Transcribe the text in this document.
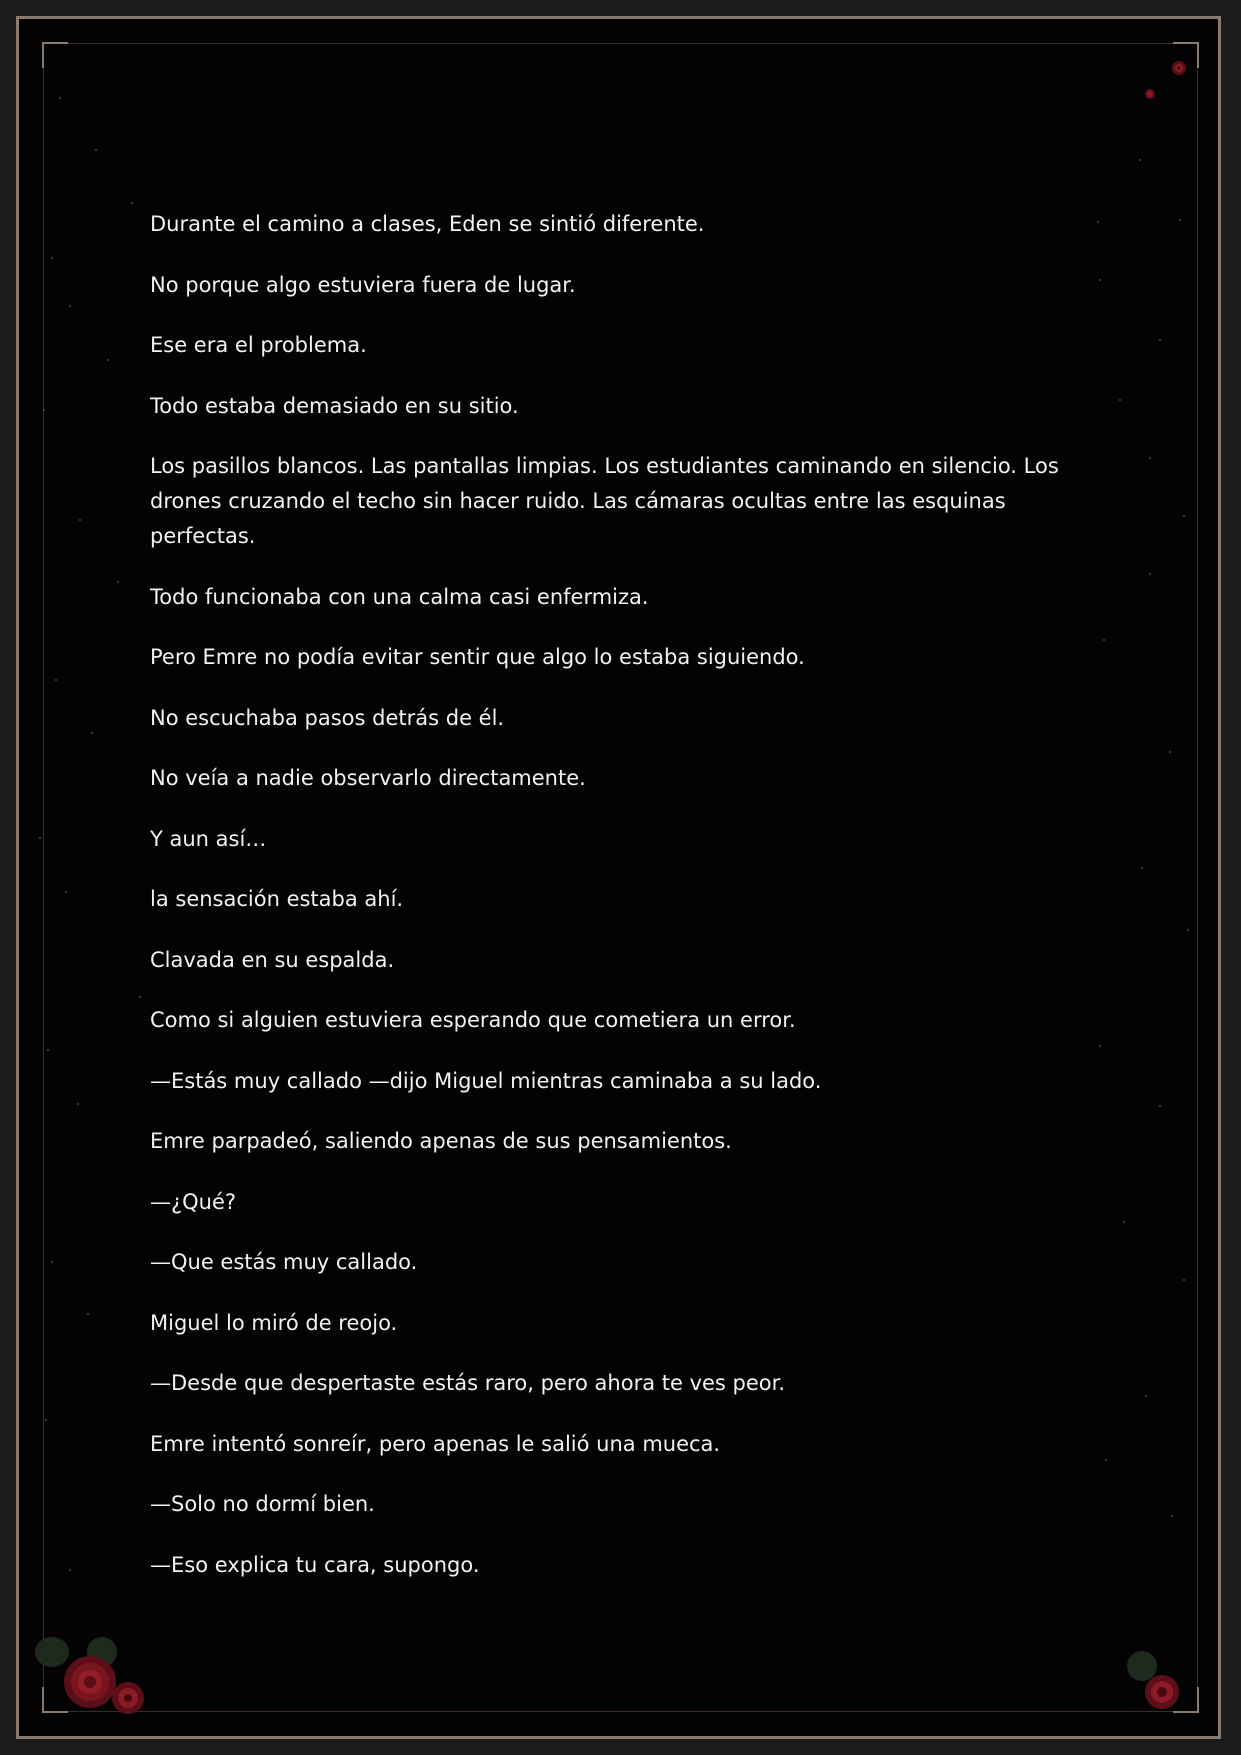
Durante el camino a clases, Eden se sintió diferente.

No porque algo estuviera fuera de lugar.

Ese era el problema.

Todo estaba demasiado en su sitio.

Los pasillos blancos. Las pantallas limpias. Los estudiantes caminando en silencio. Los drones cruzando el techo sin hacer ruido. Las cámaras ocultas entre las esquinas perfectas.

Todo funcionaba con una calma casi enfermiza.

Pero Emre no podía evitar sentir que algo lo estaba siguiendo.

No escuchaba pasos detrás de él.

No veía a nadie observarlo directamente.

Y aun así…

la sensación estaba ahí.

Clavada en su espalda.

Como si alguien estuviera esperando que cometiera un error.

—Estás muy callado —dijo Miguel mientras caminaba a su lado.

Emre parpadeó, saliendo apenas de sus pensamientos.

—¿Qué?

—Que estás muy callado.

Miguel lo miró de reojo.

—Desde que despertaste estás raro, pero ahora te ves peor.

Emre intentó sonreír, pero apenas le salió una mueca.

—Solo no dormí bien.

—Eso explica tu cara, supongo.
